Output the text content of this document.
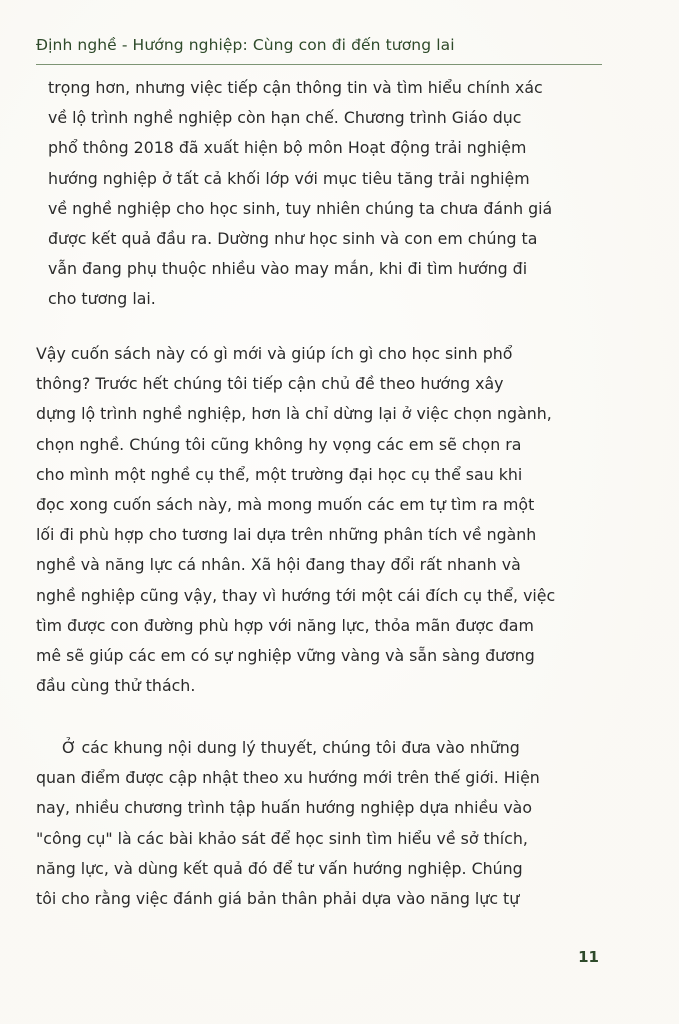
Định nghề - Hướng nghiệp: Cùng con đi đến tương lai

trọng hơn, nhưng việc tiếp cận thông tin và tìm hiểu chính xác
về lộ trình nghề nghiệp còn hạn chế. Chương trình Giáo dục
phổ thông 2018 đã xuất hiện bộ môn Hoạt động trải nghiệm
hướng nghiệp ở tất cả khối lớp với mục tiêu tăng trải nghiệm
về nghề nghiệp cho học sinh, tuy nhiên chúng ta chưa đánh giá
được kết quả đầu ra. Dường như học sinh và con em chúng ta
vẫn đang phụ thuộc nhiều vào may mắn, khi đi tìm hướng đi
cho tương lai.

Vậy cuốn sách này có gì mới và giúp ích gì cho học sinh phổ
thông? Trước hết chúng tôi tiếp cận chủ đề theo hướng xây
dựng lộ trình nghề nghiệp, hơn là chỉ dừng lại ở việc chọn ngành,
chọn nghề. Chúng tôi cũng không hy vọng các em sẽ chọn ra
cho mình một nghề cụ thể, một trường đại học cụ thể sau khi
đọc xong cuốn sách này, mà mong muốn các em tự tìm ra một
lối đi phù hợp cho tương lai dựa trên những phân tích về ngành
nghề và năng lực cá nhân. Xã hội đang thay đổi rất nhanh và
nghề nghiệp cũng vậy, thay vì hướng tới một cái đích cụ thể, việc
tìm được con đường phù hợp với năng lực, thỏa mãn được đam
mê sẽ giúp các em có sự nghiệp vững vàng và sẵn sàng đương
đầu cùng thử thách.

Ở các khung nội dung lý thuyết, chúng tôi đưa vào những
quan điểm được cập nhật theo xu hướng mới trên thế giới. Hiện
nay, nhiều chương trình tập huấn hướng nghiệp dựa nhiều vào
"công cụ" là các bài khảo sát để học sinh tìm hiểu về sở thích,
năng lực, và dùng kết quả đó để tư vấn hướng nghiệp. Chúng
tôi cho rằng việc đánh giá bản thân phải dựa vào năng lực tự

11
